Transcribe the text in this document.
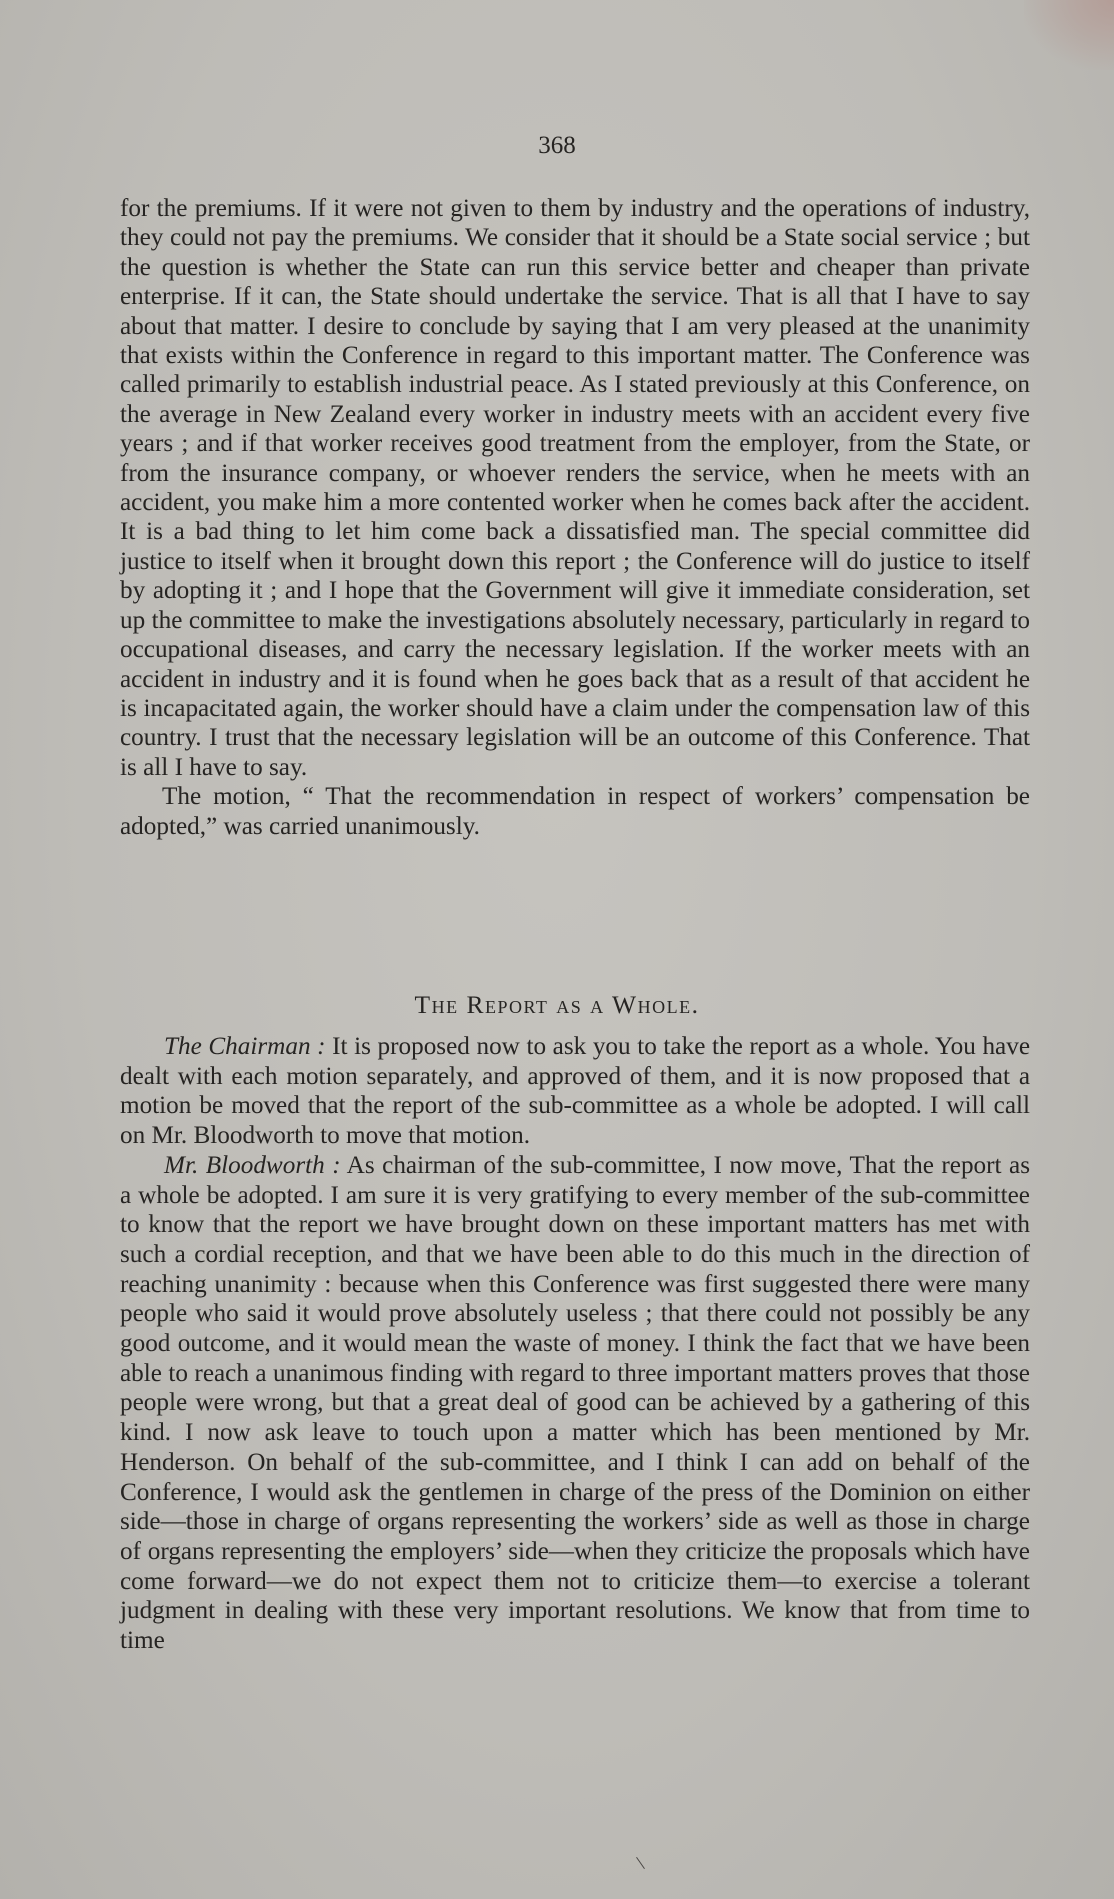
368

for the premiums. If it were not given to them by industry and the operations of industry, they could not pay the premiums. We consider that it should be a State social service ; but the question is whether the State can run this service better and cheaper than private enterprise. If it can, the State should undertake the service. That is all that I have to say about that matter. I desire to conclude by saying that I am very pleased at the unanimity that exists within the Conference in regard to this important matter. The Conference was called primarily to establish industrial peace. As I stated previously at this Conference, on the average in New Zealand every worker in industry meets with an accident every five years ; and if that worker receives good treatment from the employer, from the State, or from the insurance company, or whoever renders the service, when he meets with an accident, you make him a more contented worker when he comes back after the accident. It is a bad thing to let him come back a dissatisfied man. The special committee did justice to itself when it brought down this report ; the Conference will do justice to itself by adopting it ; and I hope that the Government will give it immediate consideration, set up the committee to make the investigations absolutely necessary, particularly in regard to occupational diseases, and carry the necessary legislation. If the worker meets with an accident in industry and it is found when he goes back that as a result of that accident he is incapacitated again, the worker should have a claim under the compensation law of this country. I trust that the necessary legislation will be an outcome of this Conference. That is all I have to say.

The motion, “ That the recommendation in respect of workers’ compensation be adopted,” was carried unanimously.

The Report as a Whole.

The Chairman : It is proposed now to ask you to take the report as a whole. You have dealt with each motion separately, and approved of them, and it is now proposed that a motion be moved that the report of the sub-committee as a whole be adopted. I will call on Mr. Bloodworth to move that motion.

Mr. Bloodworth : As chairman of the sub-committee, I now move, That the report as a whole be adopted. I am sure it is very gratifying to every member of the sub-committee to know that the report we have brought down on these important matters has met with such a cordial reception, and that we have been able to do this much in the direction of reaching unanimity : because when this Conference was first suggested there were many people who said it would prove absolutely useless ; that there could not possibly be any good outcome, and it would mean the waste of money. I think the fact that we have been able to reach a unanimous finding with regard to three important matters proves that those people were wrong, but that a great deal of good can be achieved by a gathering of this kind. I now ask leave to touch upon a matter which has been mentioned by Mr. Henderson. On behalf of the sub-committee, and I think I can add on behalf of the Conference, I would ask the gentlemen in charge of the press of the Dominion on either side—those in charge of organs representing the workers’ side as well as those in charge of organs representing the employers’ side—when they criticize the proposals which have come forward—we do not expect them not to criticize them—to exercise a tolerant judgment in dealing with these very important resolutions. We know that from time to time
